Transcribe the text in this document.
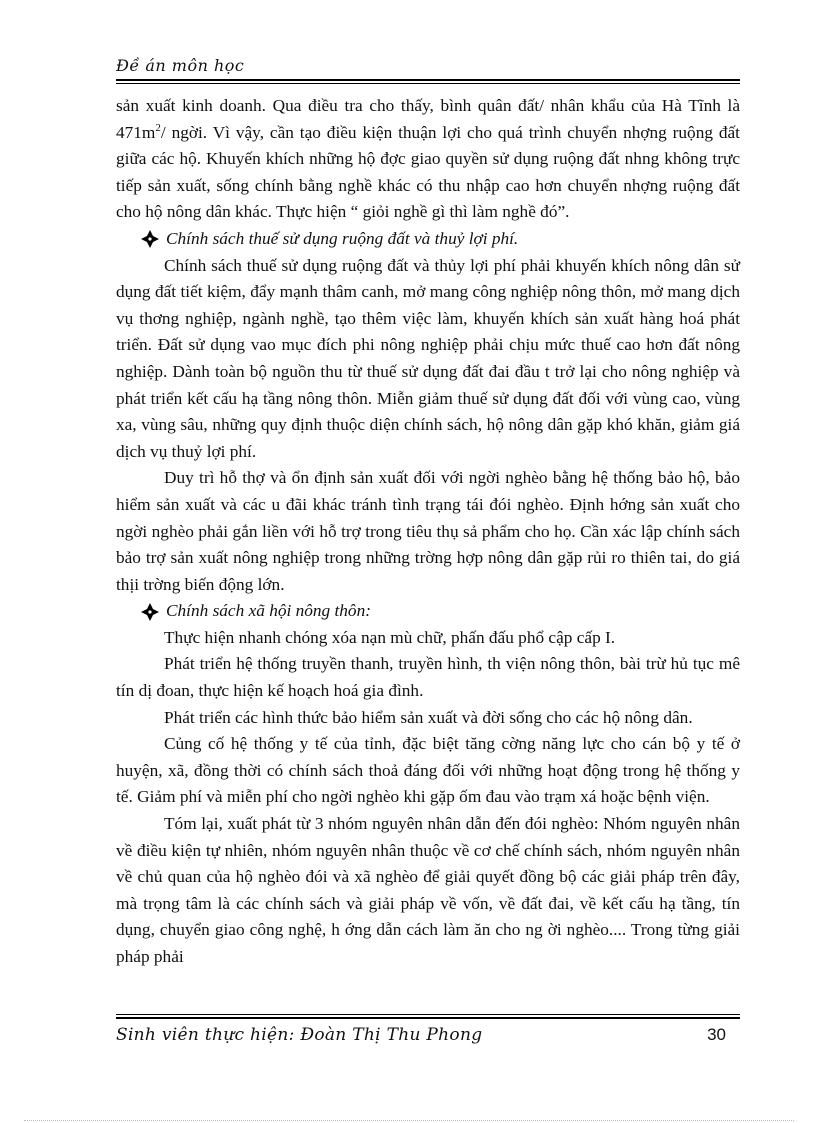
Đề án môn học

sản xuất kinh doanh. Qua điều tra cho thấy, bình quân đất/ nhân khẩu của Hà Tĩnh là $471m^2/$ ngời. Vì vậy, cần tạo điều kiện thuận lợi cho quá trình chuyển nhợng ruộng đất giữa các hộ. Khuyến khích những hộ đợc giao quyền sử dụng ruộng đất nhng không trực tiếp sản xuất, sống chính bằng nghề khác có thu nhập cao hơn chuyển nhợng ruộng đất cho hộ nông dân khác. Thực hiện “ giỏi nghề gì thì làm nghề đó”.

Chính sách thuế sử dụng ruộng đất và thuỷ lợi phí.

Chính sách thuế sử dụng ruộng đất và thủy lợi phí phải khuyến khích nông dân sử dụng đất tiết kiệm, đẩy mạnh thâm canh, mở mang công nghiệp nông thôn, mở mang dịch vụ thơng nghiệp, ngành nghề, tạo thêm việc làm, khuyến khích sản xuất hàng hoá phát triển. Đất sử dụng vao mục đích phi nông nghiệp phải chịu mức thuế cao hơn đất nông nghiệp. Dành toàn bộ nguồn thu từ thuế sử dụng đất đai đầu t trở lại cho nông nghiệp và phát triển kết cấu hạ tầng nông thôn. Miễn giảm thuế sử dụng đất đối với vùng cao, vùng xa, vùng sâu, những quy định thuộc diện chính sách, hộ nông dân gặp khó khăn, giảm giá dịch vụ thuỷ lợi phí.

Duy trì hỗ thợ và ổn định sản xuất đối với ngời nghèo bằng hệ thống bảo hộ, bảo hiểm sản xuất và các u đãi khác tránh tình trạng tái đói nghèo. Định hớng sản xuất cho ngời nghèo phải gắn liền với hỗ trợ trong tiêu thụ sả phẩm cho họ. Cần xác lập chính sách bảo trợ sản xuất nông nghiệp trong những trờng hợp nông dân gặp rủi ro thiên tai, do giá thịi trờng biến động lớn.

Chính sách xã hội nông thôn:

Thực hiện nhanh chóng xóa nạn mù chữ, phấn đấu phổ cập cấp I.

Phát triển hệ thống truyền thanh, truyền hình, th viện nông thôn, bài trừ hủ tục mê tín dị đoan, thực hiện kế hoạch hoá gia đình.

Phát triển các hình thức bảo hiểm sản xuất và đời sống cho các hộ nông dân.

Củng cố hệ thống y tế của tỉnh, đặc biệt tăng cờng năng lực cho cán bộ y tế ở huyện, xã, đồng thời có chính sách thoả đáng đối với những hoạt động trong hệ thống y tế. Giảm phí và miễn phí cho ngời nghèo khi gặp ốm đau vào trạm xá hoặc bệnh viện.

Tóm lại, xuất phát từ 3 nhóm nguyên nhân dẫn đến đói nghèo: Nhóm nguyên nhân về điều kiện tự nhiên, nhóm nguyên nhân thuộc về cơ chế chính sách, nhóm nguyên nhân về chủ quan của hộ nghèo đói và xã nghèo để giải quyết đồng bộ các giải pháp trên đây, mà trọng tâm là các chính sách và giải pháp về vốn, về đất đai, về kết cấu hạ tầng, tín dụng, chuyển giao công nghệ, h ớng dẫn cách làm ăn cho ng ời nghèo.... Trong từng giải pháp phải

Sinh viên thực hiện: Đoàn Thị Thu Phong	30
